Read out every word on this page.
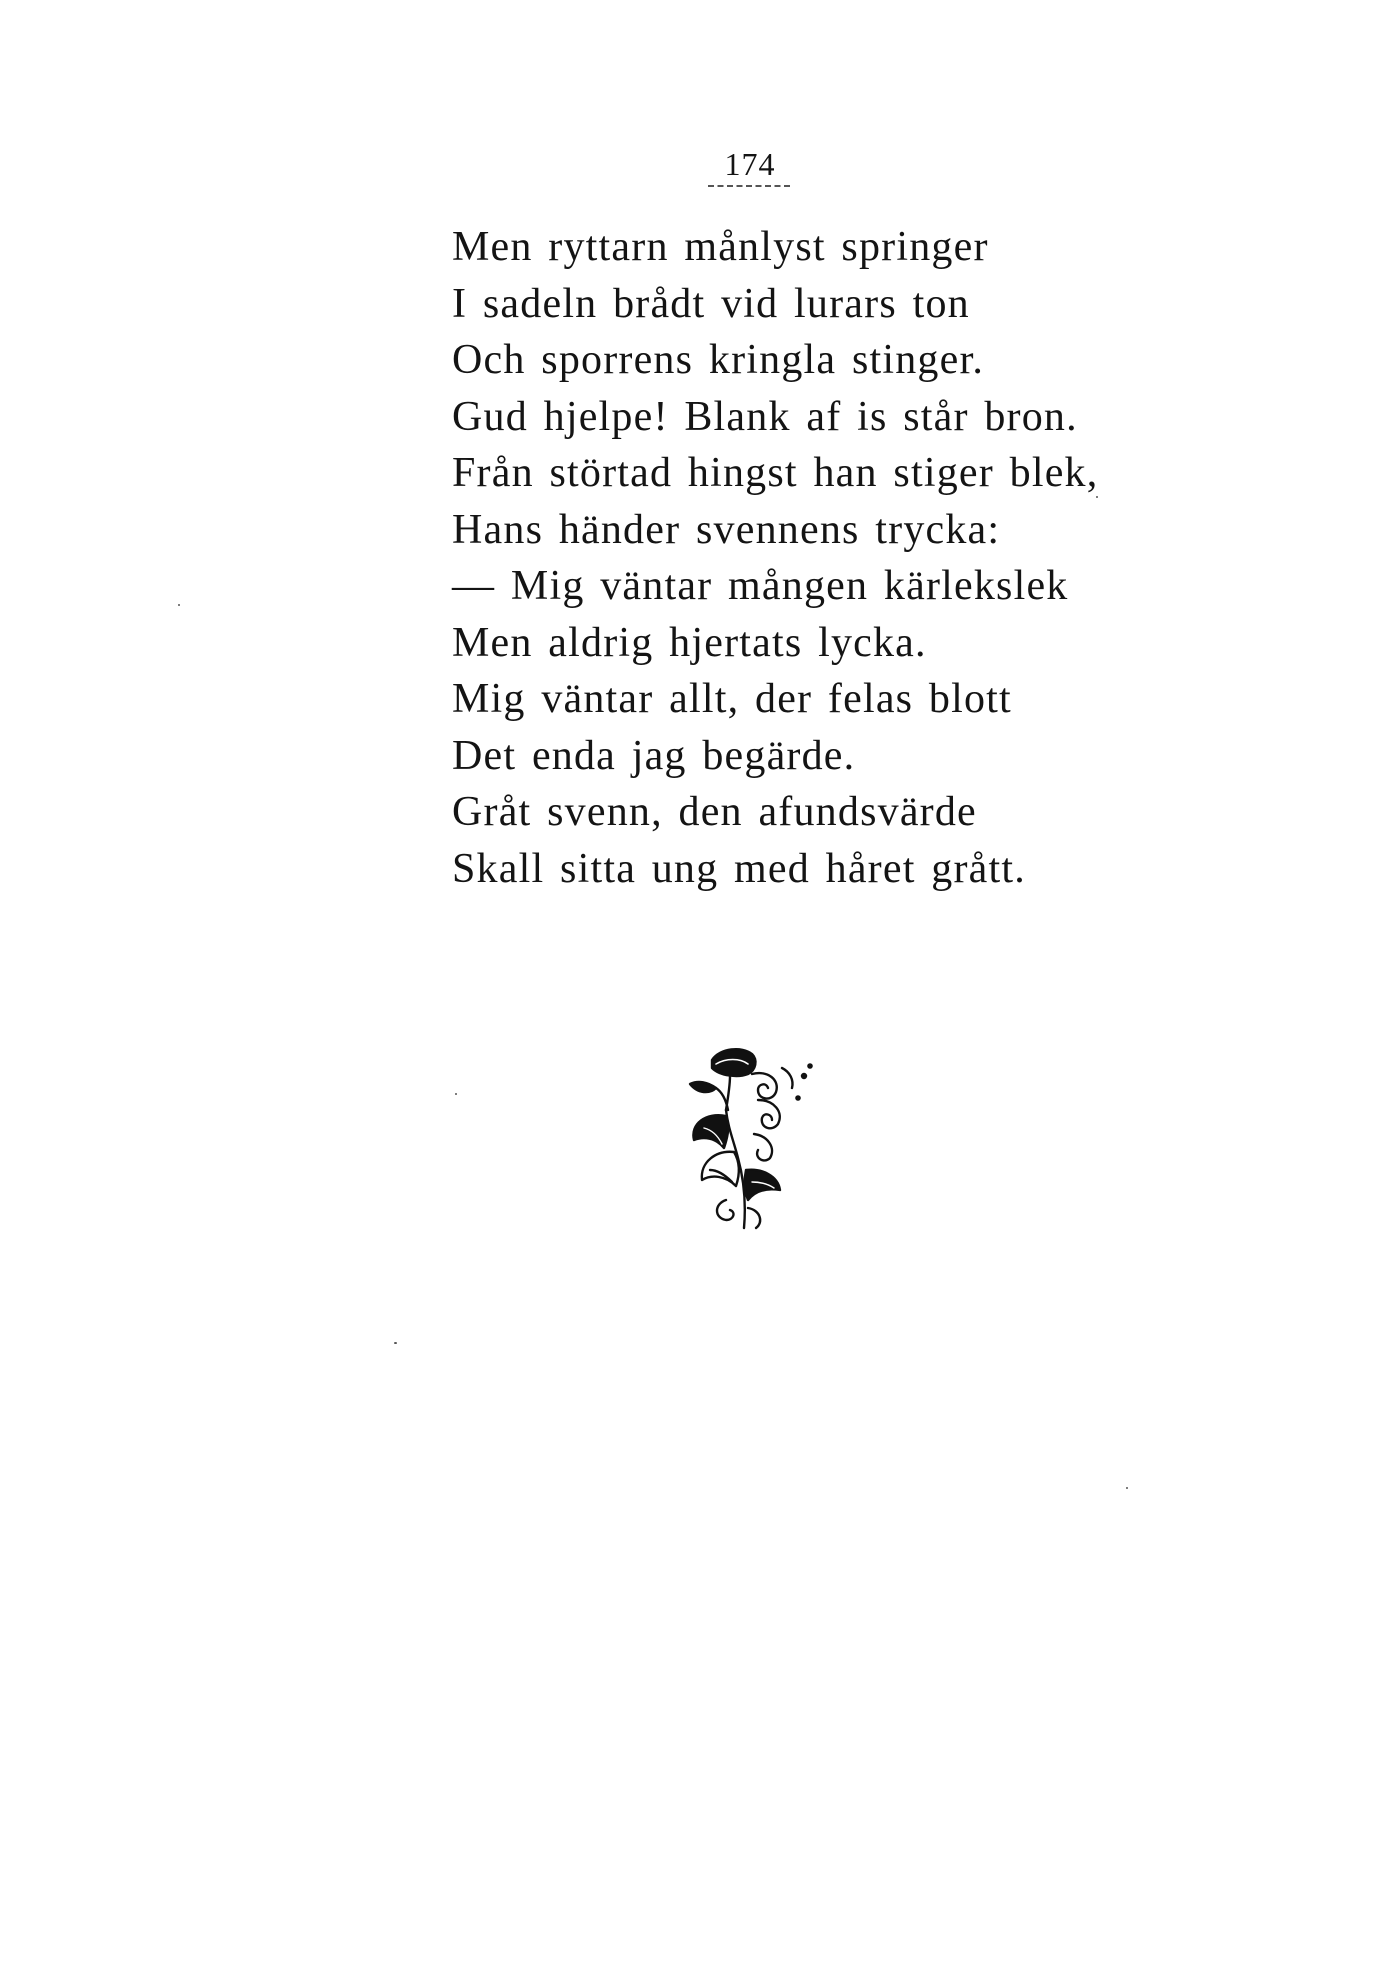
174
Men ryttarn månlyst springer
I sadeln brådt vid lurars ton
Och sporrens kringla stinger.
Gud hjelpe! Blank af is står bron.
Från störtad hingst han stiger blek,
Hans händer svennens trycka:
— Mig väntar mången kärlekslek
Men aldrig hjertats lycka.
Mig väntar allt, der felas blott
Det enda jag begärde.
Gråt svenn, den afundsvärde
Skall sitta ung med håret grått.
